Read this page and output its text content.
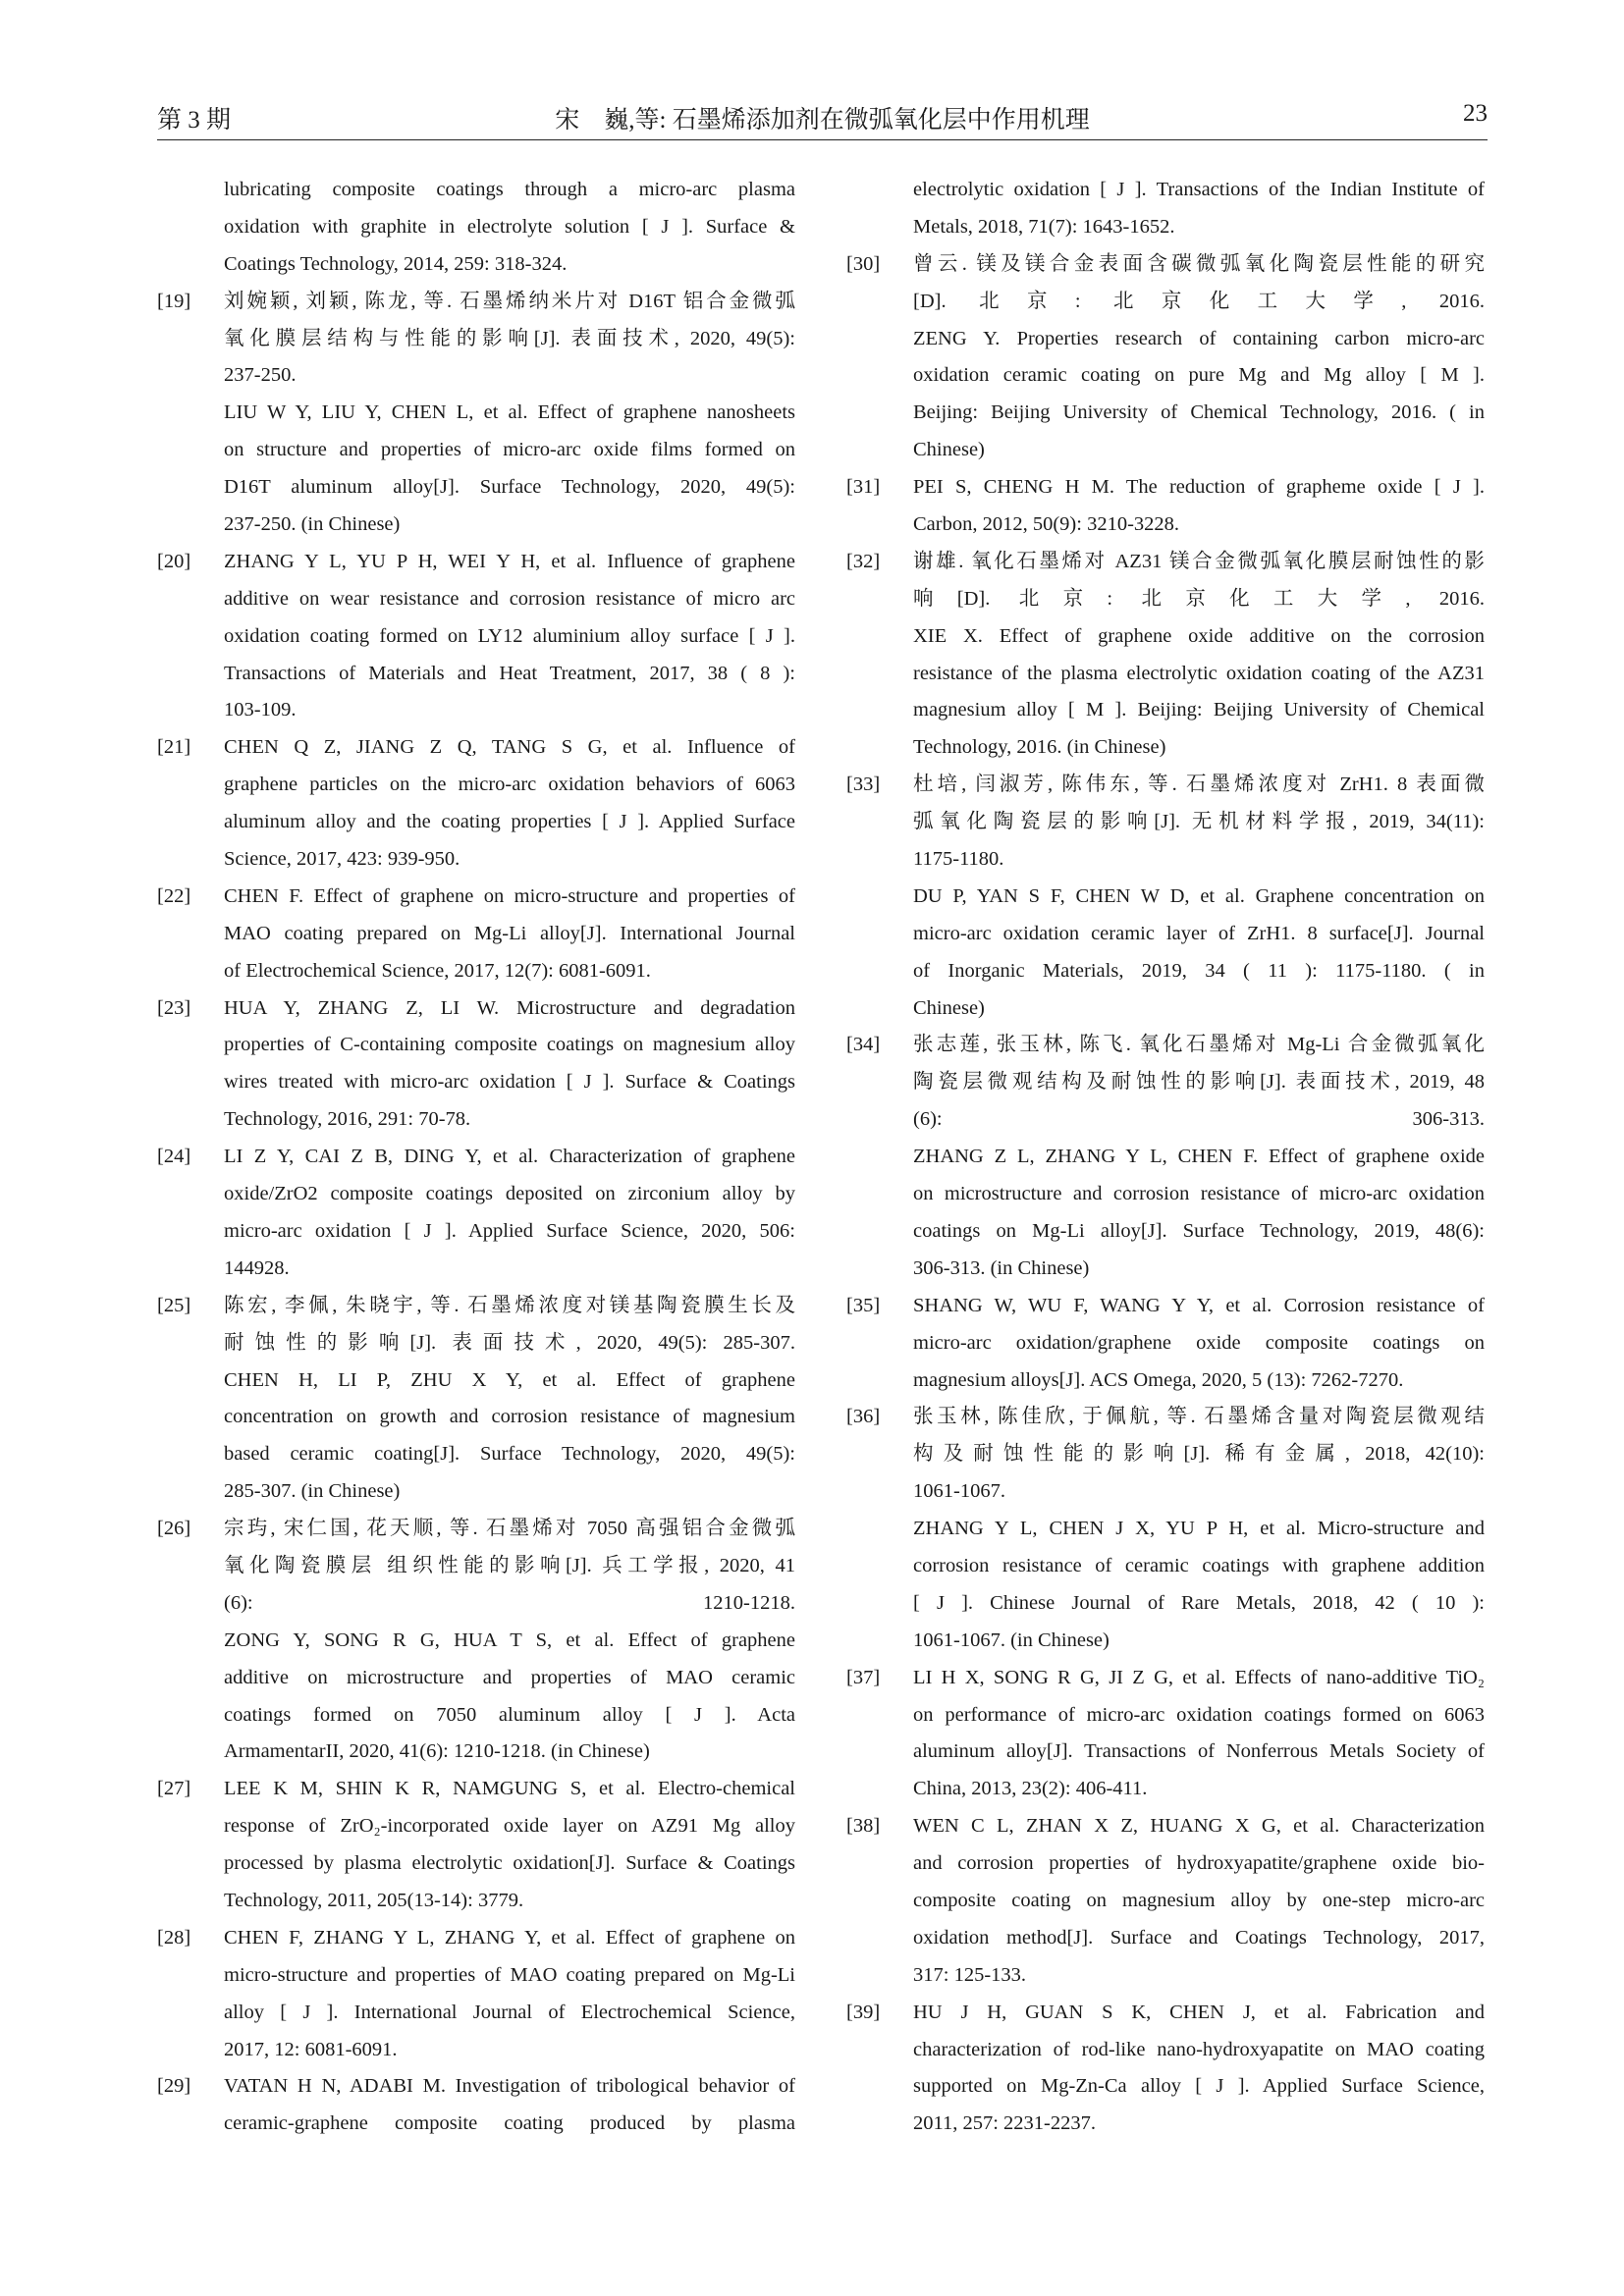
宋　巍,等: 石墨烯添加剂在微弧氧化层中作用机理
第 3 期	23
lubricating composite coatings through a micro-arc plasma
oxidation with graphite in electrolyte solution [ J ]. Surface &
Coatings Technology, 2014, 259: 318-324.
[19]	刘婉颖, 刘颖, 陈龙, 等. 石墨烯纳米片对 D16T 铝合金微弧
氧化膜层结构与性能的影响[J]. 表面技术, 2020, 49(5):
237-250.
LIU W Y, LIU Y, CHEN L, et al. Effect of graphene nanosheets
on structure and properties of micro-arc oxide films formed on
D16T aluminum alloy[J]. Surface Technology, 2020, 49(5):
237-250. (in Chinese)
[20]	ZHANG Y L, YU P H, WEI Y H, et al. Influence of graphene
additive on wear resistance and corrosion resistance of micro arc
oxidation coating formed on LY12 aluminium alloy surface [ J ].
Transactions of Materials and Heat Treatment, 2017, 38 ( 8 ):
103-109.
[21]	CHEN Q Z, JIANG Z Q, TANG S G, et al. Influence of
graphene particles on the micro-arc oxidation behaviors of 6063
aluminum alloy and the coating properties [ J ]. Applied Surface
Science, 2017, 423: 939-950.
[22]	CHEN F. Effect of graphene on micro-structure and properties of
MAO coating prepared on Mg-Li alloy[J]. International Journal
of Electrochemical Science, 2017, 12(7): 6081-6091.
[23]	HUA Y, ZHANG Z, LI W. Microstructure and degradation
properties of C-containing composite coatings on magnesium alloy
wires treated with micro-arc oxidation [ J ]. Surface & Coatings
Technology, 2016, 291: 70-78.
[24]	LI Z Y, CAI Z B, DING Y, et al. Characterization of graphene
oxide/ZrO2 composite coatings deposited on zirconium alloy by
micro-arc oxidation [ J ]. Applied Surface Science, 2020, 506:
144928.
[25]	陈宏, 李佩, 朱晓宇, 等. 石墨烯浓度对镁基陶瓷膜生长及
耐蚀性的影响[J]. 表面技术, 2020, 49(5): 285-307.
CHEN H, LI P, ZHU X Y, et al. Effect of graphene
concentration on growth and corrosion resistance of magnesium
based ceramic coating[J]. Surface Technology, 2020, 49(5):
285-307. (in Chinese)
[26]	宗玙, 宋仁国, 花天顺, 等. 石墨烯对 7050 高强铝合金微弧
氧化陶瓷膜层 组织性能的影响[J]. 兵工学报, 2020, 41
(6): 1210-1218.
ZONG Y, SONG R G, HUA T S, et al. Effect of graphene
additive on microstructure and properties of MAO ceramic
coatings formed on 7050 aluminum alloy [ J ]. Acta
ArmamentarII, 2020, 41(6): 1210-1218. (in Chinese)
[27]	LEE K M, SHIN K R, NAMGUNG S, et al. Electro-chemical
response of ZrO₂-incorporated oxide layer on AZ91 Mg alloy
processed by plasma electrolytic oxidation[J]. Surface & Coatings
Technology, 2011, 205(13-14): 3779.
[28]	CHEN F, ZHANG Y L, ZHANG Y, et al. Effect of graphene on
micro-structure and properties of MAO coating prepared on Mg-Li
alloy [ J ]. International Journal of Electrochemical Science,
2017, 12: 6081-6091.
[29]	VATAN H N, ADABI M. Investigation of tribological behavior of
ceramic-graphene composite coating produced by plasma
electrolytic oxidation [ J ]. Transactions of the Indian Institute of
Metals, 2018, 71(7): 1643-1652.
[30]	曾云. 镁及镁合金表面含碳微弧氧化陶瓷层性能的研究
[D]. 北京: 北京化工大学, 2016.
ZENG Y. Properties research of containing carbon micro-arc
oxidation ceramic coating on pure Mg and Mg alloy [ M ].
Beijing: Beijing University of Chemical Technology, 2016. ( in
Chinese)
[31]	PEI S, CHENG H M. The reduction of grapheme oxide [ J ].
Carbon, 2012, 50(9): 3210-3228.
[32]	谢雄. 氧化石墨烯对 AZ31 镁合金微弧氧化膜层耐蚀性的影
响[D]. 北京: 北京化工大学, 2016.
XIE X. Effect of graphene oxide additive on the corrosion
resistance of the plasma electrolytic oxidation coating of the AZ31
magnesium alloy [ M ]. Beijing: Beijing University of Chemical
Technology, 2016. (in Chinese)
[33]	杜培, 闫淑芳, 陈伟东, 等. 石墨烯浓度对 ZrH1. 8 表面微
弧氧化陶瓷层的影响[J]. 无机材料学报, 2019, 34(11):
1175-1180.
DU P, YAN S F, CHEN W D, et al. Graphene concentration on
micro-arc oxidation ceramic layer of ZrH1. 8 surface[J]. Journal
of Inorganic Materials, 2019, 34 ( 11 ): 1175-1180. ( in
Chinese)
[34]	张志莲, 张玉林, 陈飞. 氧化石墨烯对 Mg-Li 合金微弧氧化
陶瓷层微观结构及耐蚀性的影响[J]. 表面技术, 2019, 48
(6): 306-313.
ZHANG Z L, ZHANG Y L, CHEN F. Effect of graphene oxide
on microstructure and corrosion resistance of micro-arc oxidation
coatings on Mg-Li alloy[J]. Surface Technology, 2019, 48(6):
306-313. (in Chinese)
[35]	SHANG W, WU F, WANG Y Y, et al. Corrosion resistance of
micro-arc oxidation/graphene oxide composite coatings on
magnesium alloys[J]. ACS Omega, 2020, 5 (13): 7262-7270.
[36]	张玉林, 陈佳欣, 于佩航, 等. 石墨烯含量对陶瓷层微观结
构及耐蚀性能的影响[J]. 稀有金属, 2018, 42(10):
1061-1067.
ZHANG Y L, CHEN J X, YU P H, et al. Micro-structure and
corrosion resistance of ceramic coatings with graphene addition
[ J ]. Chinese Journal of Rare Metals, 2018, 42 ( 10 ):
1061-1067. (in Chinese)
[37]	LI H X, SONG R G, JI Z G, et al. Effects of nano-additive TiO₂
on performance of micro-arc oxidation coatings formed on 6063
aluminum alloy[J]. Transactions of Nonferrous Metals Society of
China, 2013, 23(2): 406-411.
[38]	WEN C L, ZHAN X Z, HUANG X G, et al. Characterization
and corrosion properties of hydroxyapatite/graphene oxide bio-
composite coating on magnesium alloy by one-step micro-arc
oxidation method[J]. Surface and Coatings Technology, 2017,
317: 125-133.
[39]	HU J H, GUAN S K, CHEN J, et al. Fabrication and
characterization of rod-like nano-hydroxyapatite on MAO coating
supported on Mg-Zn-Ca alloy [ J ]. Applied Surface Science,
2011, 257: 2231-2237.
